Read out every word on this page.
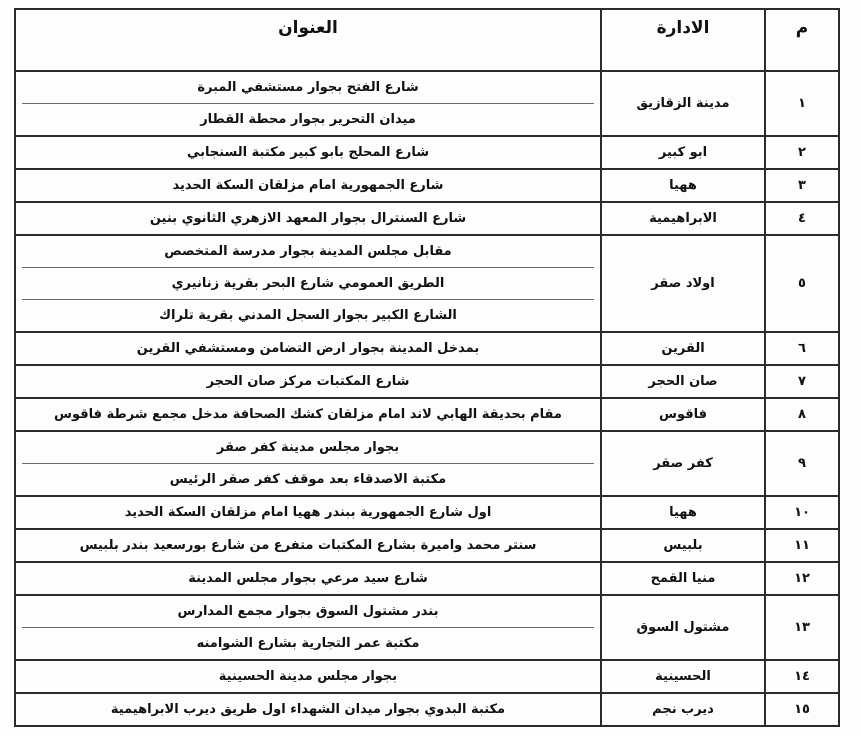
م	الادارة	العنوان
١	مدينة الزقازيق	شارع الفتح بجوار مستشفي المبرة
ميدان التحرير بجوار محطة القطار

٢	ابو كبير	شارع المحلج بابو كبير مكتبة السنجابي

٣	ههيا	شارع الجمهورية امام مزلقان السكة الحديد

٤	الابراهيمية	شارع السنترال بجوار المعهد الازهري الثانوي بنين

٥	اولاد صقر	مقابل مجلس المدينة بجوار مدرسة المتخصص
الطريق العمومي شارع البحر بقرية زنانيري
الشارع الكبير بجوار السجل المدني بقرية تلراك

٦	القرين	بمدخل المدينة بجوار ارض التضامن ومستشفي القرين

٧	صان الحجر	شارع المكتبات مركز صان الحجر

٨	فاقوس	مقام بحديقة الهابي لاند امام مزلقان كشك الصحافة مدخل مجمع شرطة فاقوس

٩	كفر صقر	بجوار مجلس مدينة كفر صقر
مكتبة الاصدقاء بعد موقف كفر صقر الرئيس

١٠	ههيا	اول شارع الجمهورية ببندر ههيا امام مزلقان السكة الحديد

١١	بلبيس	سنتر محمد واميرة بشارع المكتبات متفرع من شارع بورسعيد بندر بلبيس

١٢	منيا القمح	شارع سيد مرعي بجوار مجلس المدينة

١٣	مشتول السوق	بندر مشتول السوق بجوار مجمع المدارس
مكتبة عمر التجارية بشارع الشوامنه

١٤	الحسينية	بجوار مجلس مدينة الحسينية

١٥	ديرب نجم	مكتبة البدوي بجوار ميدان الشهداء اول طريق ديرب الابراهيمية
